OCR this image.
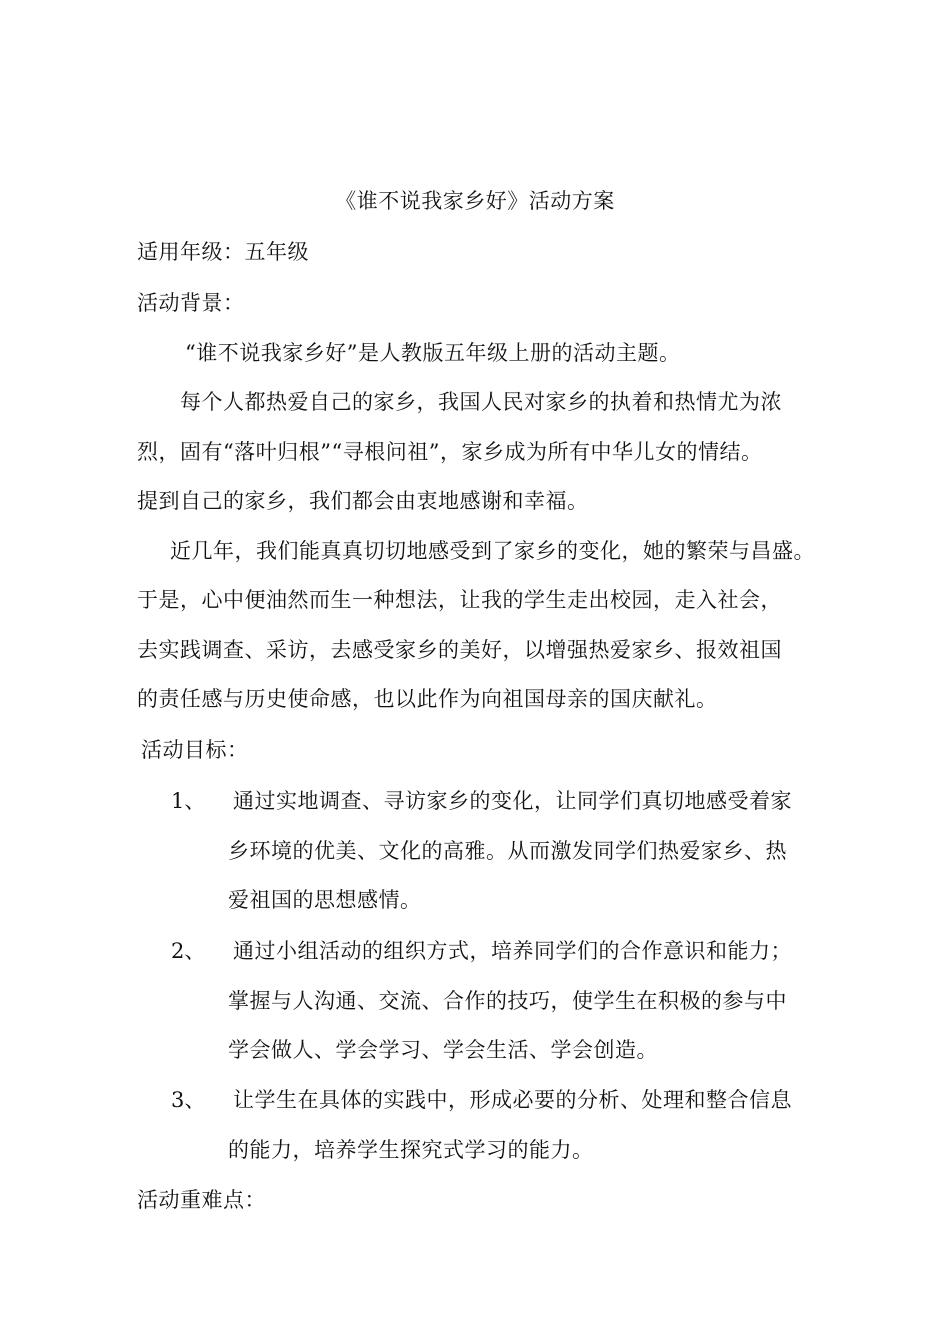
《谁不说我家乡好》活动方案
适用年级：五年级
活动背景：
“谁不说我家乡好”是人教版五年级上册的活动主题。
每个人都热爱自己的家乡，我国人民对家乡的执着和热情尤为浓
烈，固有“落叶归根”“寻根问祖”，家乡成为所有中华儿女的情结。
提到自己的家乡，我们都会由衷地感谢和幸福。
近几年，我们能真真切切地感受到了家乡的变化，她的繁荣与昌盛。
于是，心中便油然而生一种想法，让我的学生走出校园，走入社会，
去实践调查、采访，去感受家乡的美好，以增强热爱家乡、报效祖国
的责任感与历史使命感，也以此作为向祖国母亲的国庆献礼。
活动目标：
1、 通过实地调查、寻访家乡的变化，让同学们真切地感受着家
乡环境的优美、文化的高雅。从而激发同学们热爱家乡、热
爱祖国的思想感情。
2、 通过小组活动的组织方式，培养同学们的合作意识和能力；
掌握与人沟通、交流、合作的技巧，使学生在积极的参与中
学会做人、学会学习、学会生活、学会创造。
3、 让学生在具体的实践中，形成必要的分析、处理和整合信息
的能力，培养学生探究式学习的能力。
活动重难点：
